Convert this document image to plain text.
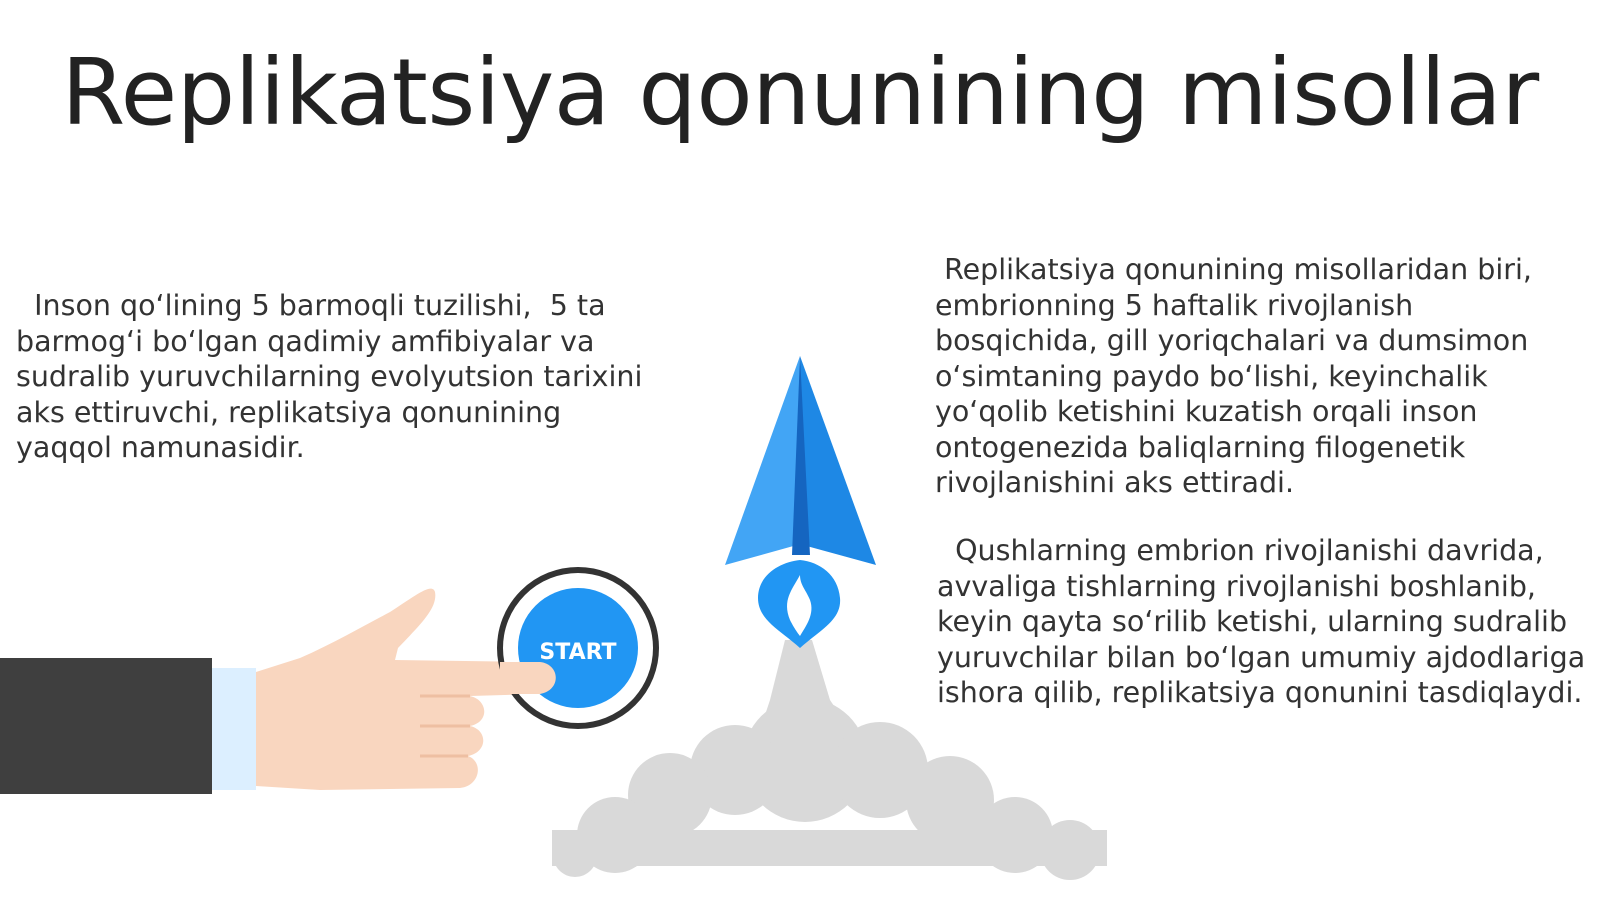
Replikatsiya qonunining misollar
Inson qo‘lining 5 barmoqli tuzilishi,  5 ta barmog‘i bo‘lgan qadimiy amfibiyalar va sudralib yuruvchilarning evolyutsion tarixini aks ettiruvchi, replikatsiya qonunining yaqqol namunasidir.
Replikatsiya qonunining misollaridan biri, embrionning 5 haftalik rivojlanish bosqichida, gill yoriqchalari va dumsimon o‘simtaning paydo bo‘lishi, keyinchalik yo‘qolib ketishini kuzatish orqali inson ontogenezida baliqlarning filogenetik rivojlanishini aks ettiradi.
Qushlarning embrion rivojlanishi davrida, avvaliga tishlarning rivojlanishi boshlanib, keyin qayta so‘rilib ketishi, ularning sudralib yuruvchilar bilan bo‘lgan umumiy ajdodlariga ishora qilib, replikatsiya qonunini tasdiqlaydi.
START
